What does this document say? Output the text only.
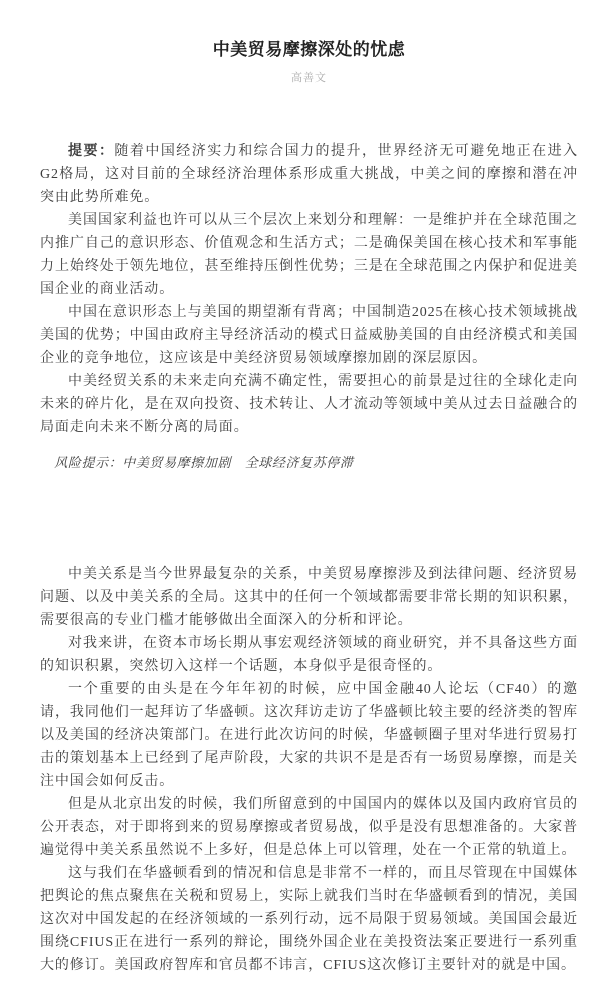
中美贸易摩擦深处的忧虑
高善文

提要：随着中国经济实力和综合国力的提升，世界经济无可避免地正在进入G2格局，这对目前的全球经济治理体系形成重大挑战，中美之间的摩擦和潜在冲突由此势所难免。

美国国家利益也许可以从三个层次上来划分和理解：一是维护并在全球范围之内推广自己的意识形态、价值观念和生活方式；二是确保美国在核心技术和军事能力上始终处于领先地位，甚至维持压倒性优势；三是在全球范围之内保护和促进美国企业的商业活动。

中国在意识形态上与美国的期望渐有背离；中国制造2025在核心技术领域挑战美国的优势；中国由政府主导经济活动的模式日益威胁美国的自由经济模式和美国企业的竞争地位，这应该是中美经济贸易领域摩擦加剧的深层原因。

中美经贸关系的未来走向充满不确定性，需要担心的前景是过往的全球化走向未来的碎片化，是在双向投资、技术转让、人才流动等领域中美从过去日益融合的局面走向未来不断分离的局面。

风险提示：中美贸易摩擦加剧　全球经济复苏停滞

中美关系是当今世界最复杂的关系，中美贸易摩擦涉及到法律问题、经济贸易问题、以及中美关系的全局。这其中的任何一个领域都需要非常长期的知识积累，需要很高的专业门槛才能够做出全面深入的分析和评论。

对我来讲，在资本市场长期从事宏观经济领域的商业研究，并不具备这些方面的知识积累，突然切入这样一个话题，本身似乎是很奇怪的。

一个重要的由头是在今年年初的时候，应中国金融40人论坛（CF40）的邀请，我同他们一起拜访了华盛顿。这次拜访走访了华盛顿比较主要的经济类的智库以及美国的经济决策部门。在进行此次访问的时候，华盛顿圈子里对华进行贸易打击的策划基本上已经到了尾声阶段，大家的共识不是是否有一场贸易摩擦，而是关注中国会如何反击。

但是从北京出发的时候，我们所留意到的中国国内的媒体以及国内政府官员的公开表态，对于即将到来的贸易摩擦或者贸易战，似乎是没有思想准备的。大家普遍觉得中美关系虽然说不上多好，但是总体上可以管理，处在一个正常的轨道上。

这与我们在华盛顿看到的情况和信息是非常不一样的，而且尽管现在中国媒体把舆论的焦点聚焦在关税和贸易上，实际上就我们当时在华盛顿看到的情况，美国这次对中国发起的在经济领域的一系列行动，远不局限于贸易领域。美国国会最近围绕CFIUS正在进行一系列的辩论，围绕外国企业在美投资法案正要进行一系列重大的修订。美国政府智库和官员都不讳言，CFIUS这次修订主要针对的就是中国。
